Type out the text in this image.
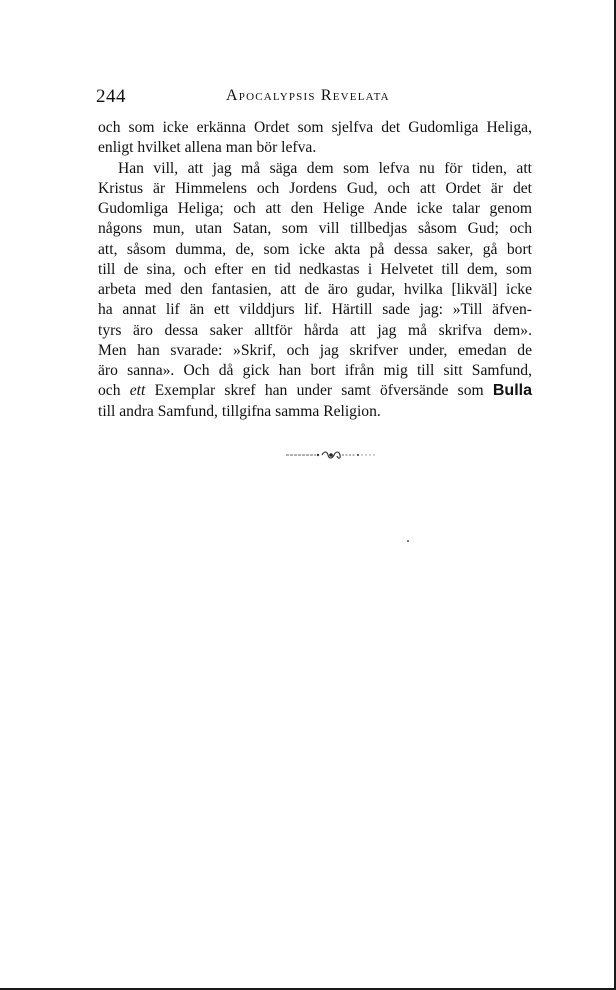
244	Apocalypsis Revelata
och som icke erkänna Ordet som sjelfva det Gudomliga Heliga,
enligt hvilket allena man bör lefva.
Han vill, att jag må säga dem som lefva nu för tiden, att
Kristus är Himmelens och Jordens Gud, och att Ordet är det
Gudomliga Heliga; och att den Helige Ande icke talar genom
någons mun, utan Satan, som vill tillbedjas såsom Gud; och
att, såsom dumma, de, som icke akta på dessa saker, gå bort
till de sina, och efter en tid nedkastas i Helvetet till dem, som
arbeta med den fantasien, att de äro gudar, hvilka [likväl] icke
ha annat lif än ett vilddjurs lif. Härtill sade jag: »Till äfven-
tyrs äro dessa saker alltför hårda att jag må skrifva dem».
Men han svarade: »Skrif, och jag skrifver under, emedan de
äro sanna». Och då gick han bort ifrån mig till sitt Samfund,
och ett Exemplar skref han under samt öfversände som Bulla
till andra Samfund, tillgifna samma Religion.
